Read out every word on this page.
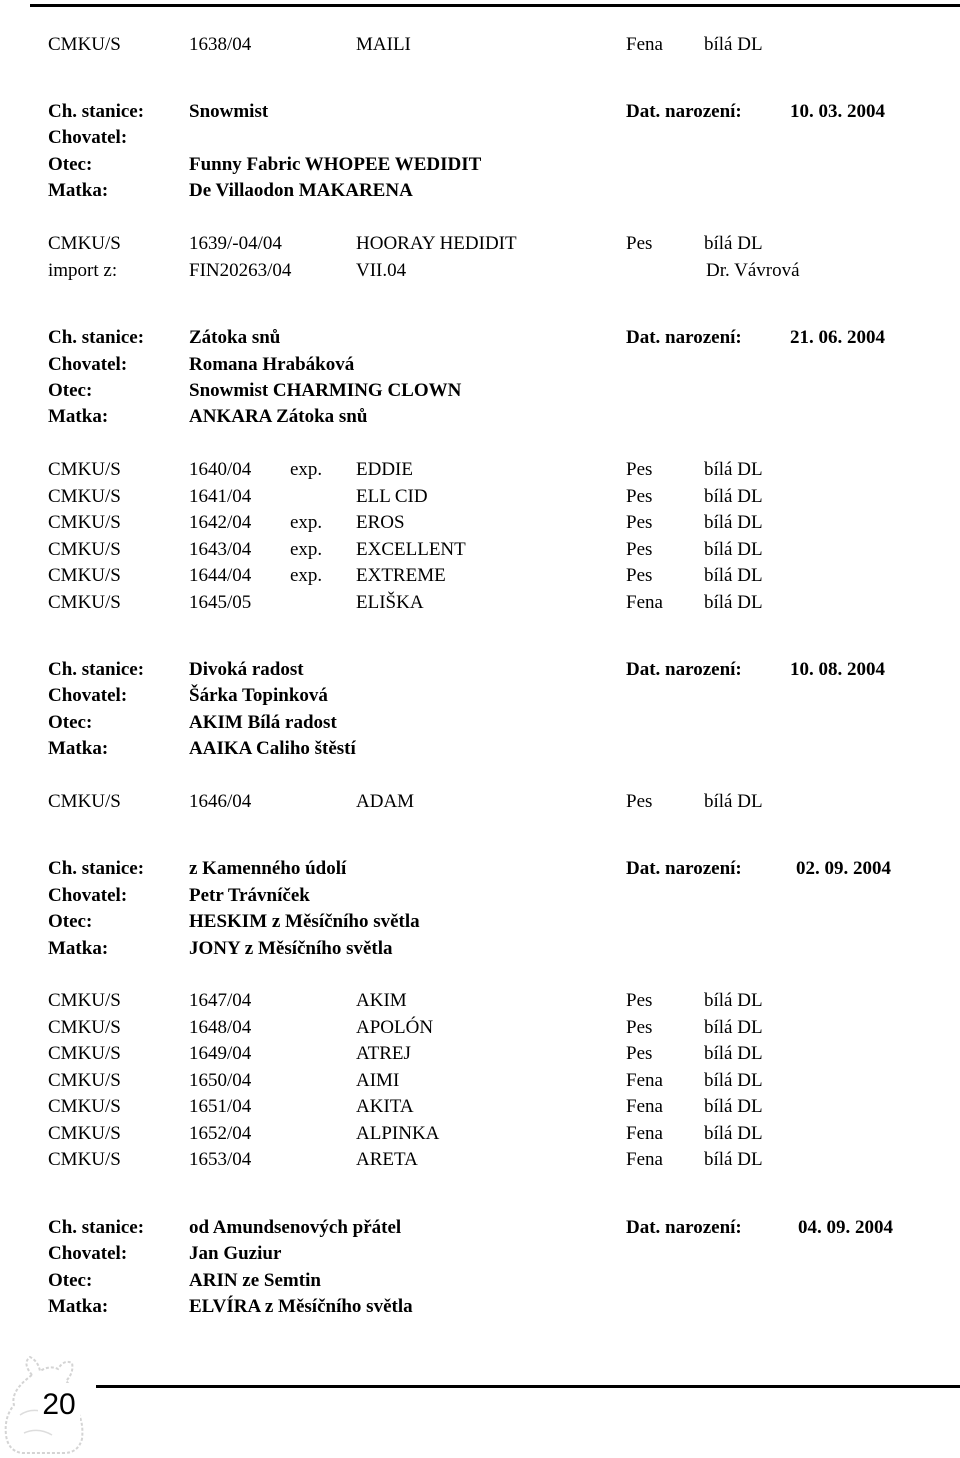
CMKU/S	1638/04	MAILI	Fena bílá DL
Ch. stanice: Snowmist	Dat. narození:	10. 03. 2004
Chovatel:
Otec:	Funny Fabric WHOPEE WEDIDIT
Matka:	De Villaodon MAKARENA
CMKU/S	1639/-04/04	HOORAY HEDIDIT	Pes	bílá DL
import z:	FIN20263/04	VII.04	Dr. Vávrová
Ch. stanice: Zátoka snů	Dat. narození:	21. 06. 2004
Chovatel:	Romana Hrabáková
Otec:	Snowmist CHARMING CLOWN
Matka:	ANKARA Zátoka snů
CMKU/S	1640/04 exp. EDDIE	Pes	bílá DL
CMKU/S	1641/04	ELL CID	Pes	bílá DL
CMKU/S	1642/04 exp. EROS	Pes	bílá DL
CMKU/S	1643/04 exp. EXCELLENT	Pes	bílá DL
CMKU/S	1644/04 exp. EXTREME	Pes	bílá DL
CMKU/S	1645/05	ELIŠKA	Fena bílá DL
Ch. stanice: Divoká radost	Dat. narození:	10. 08. 2004
Chovatel:	Šárka Topinková
Otec:	AKIM Bílá radost
Matka:	AAIKA Caliho štěstí
CMKU/S	1646/04	ADAM	Pes	bílá DL
Ch. stanice: z Kamenného údolí	Dat. narození:	02. 09. 2004
Chovatel:	Petr Trávníček
Otec:	HESKIM z Měsíčního světla
Matka:	JONY z Měsíčního světla
CMKU/S	1647/04	AKIM	Pes	bílá DL
CMKU/S	1648/04	APOLÓN	Pes	bílá DL
CMKU/S	1649/04	ATREJ	Pes	bílá DL
CMKU/S	1650/04	AIMI	Fena bílá DL
CMKU/S	1651/04	AKITA	Fena bílá DL
CMKU/S	1652/04	ALPINKA	Fena bílá DL
CMKU/S	1653/04	ARETA	Fena bílá DL
Ch. stanice: od Amundsenových přátel	Dat. narození:	04. 09. 2004
Chovatel:	Jan Guziur
Otec:	ARIN ze Semtin
Matka:	ELVÍRA z Měsíčního světla
20
